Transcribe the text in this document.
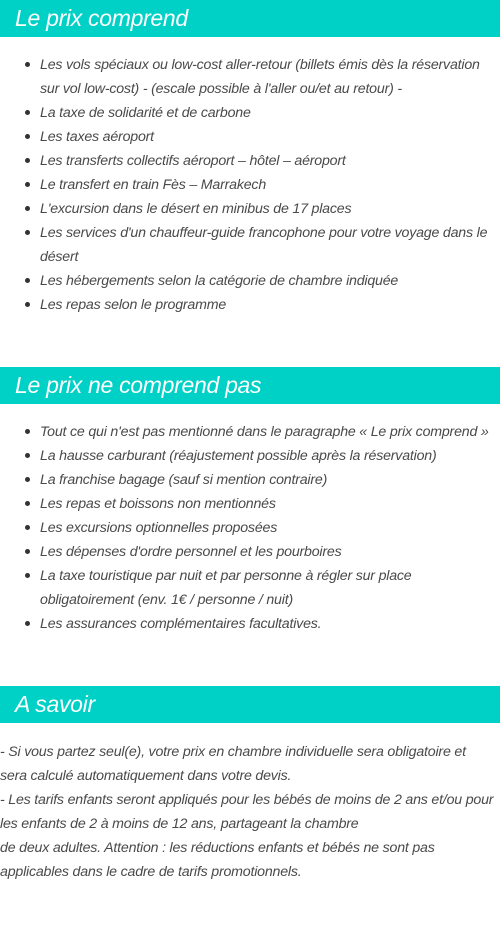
Le prix comprend
Les vols spéciaux ou low-cost aller-retour (billets émis dès la réservation sur vol low-cost) - (escale possible à l'aller ou/et au retour) -
La taxe de solidarité et de carbone
Les taxes aéroport
Les transferts collectifs aéroport – hôtel – aéroport
Le transfert en train Fès – Marrakech
L'excursion dans le désert en minibus de 17 places
Les services d'un chauffeur-guide francophone pour votre voyage dans le désert
Les hébergements selon la catégorie de chambre indiquée
Les repas selon le programme
Le prix ne comprend pas
Tout ce qui n'est pas mentionné dans le paragraphe « Le prix comprend »
La hausse carburant (réajustement possible après la réservation)
La franchise bagage (sauf si mention contraire)
Les repas et boissons non mentionnés
Les excursions optionnelles proposées
Les dépenses d'ordre personnel et les pourboires
La taxe touristique par nuit et par personne à régler sur place obligatoirement (env. 1€ / personne / nuit)
Les assurances complémentaires facultatives.
A savoir
- Si vous partez seul(e), votre prix en chambre individuelle sera obligatoire et
sera calculé automatiquement dans votre devis.
- Les tarifs enfants seront appliqués pour les bébés de moins de 2 ans et/ou pour
les enfants de 2 à moins de 12 ans, partageant la chambre
de deux adultes. Attention : les réductions enfants et bébés ne sont pas
applicables dans le cadre de tarifs promotionnels.
